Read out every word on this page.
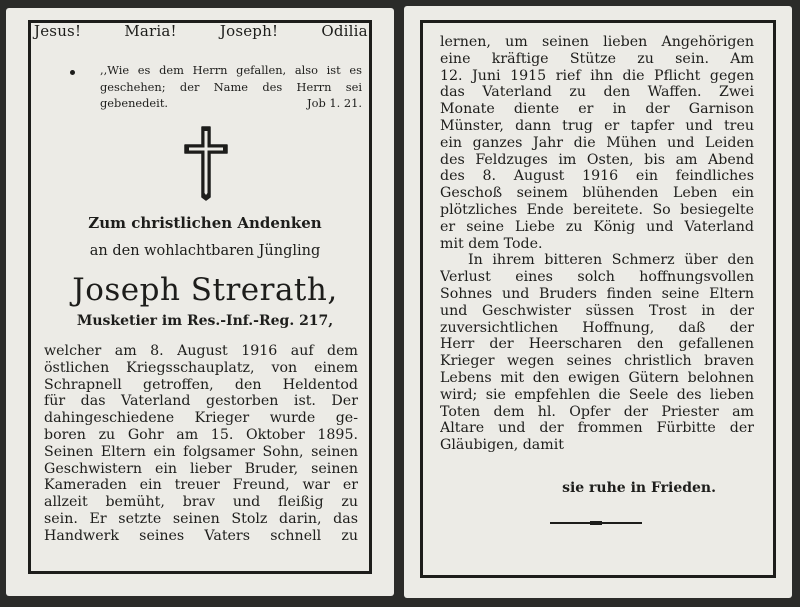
Jesus!	Maria!	Joseph!	Odilia!
,,Wie es dem Herrn gefallen, also ist es
geschehen; der Name des Herrn sei
gebenedeit.	Job 1. 21.
Zum christlichen Andenken
an den wohlachtbaren Jüngling
Joseph Strerath,
Musketier im Res.-Inf.-Reg. 217,
welcher am 8. August 1916 auf dem
östlichen Kriegsschauplatz, von einem
Schrapnell getroffen, den Heldentod
für das Vaterland gestorben ist. Der
dahingeschiedene Krieger wurde ge-
boren zu Gohr am 15. Oktober 1895.
Seinen Eltern ein folgsamer Sohn, seinen
Geschwistern ein lieber Bruder, seinen
Kameraden ein treuer Freund, war er
allzeit bemüht, brav und fleißig zu
sein. Er setzte seinen Stolz darin, das
Handwerk seines Vaters schnell zu
lernen, um seinen lieben Angehörigen
eine kräftige Stütze zu sein. Am
12. Juni 1915 rief ihn die Pflicht gegen
das Vaterland zu den Waffen. Zwei
Monate diente er in der Garnison
Münster, dann trug er tapfer und treu
ein ganzes Jahr die Mühen und Leiden
des Feldzuges im Osten, bis am Abend
des 8. August 1916 ein feindliches
Geschoß seinem blühenden Leben ein
plötzliches Ende bereitete. So besiegelte
er seine Liebe zu König und Vaterland
mit dem Tode.
In ihrem bitteren Schmerz über den
Verlust eines solch hoffnungsvollen
Sohnes und Bruders finden seine Eltern
und Geschwister süssen Trost in der
zuversichtlichen Hoffnung, daß der
Herr der Heerscharen den gefallenen
Krieger wegen seines christlich braven
Lebens mit den ewigen Gütern belohnen
wird; sie empfehlen die Seele des lieben
Toten dem hl. Opfer der Priester am
Altare und der frommen Fürbitte der
Gläubigen, damit
sie ruhe in Frieden.
